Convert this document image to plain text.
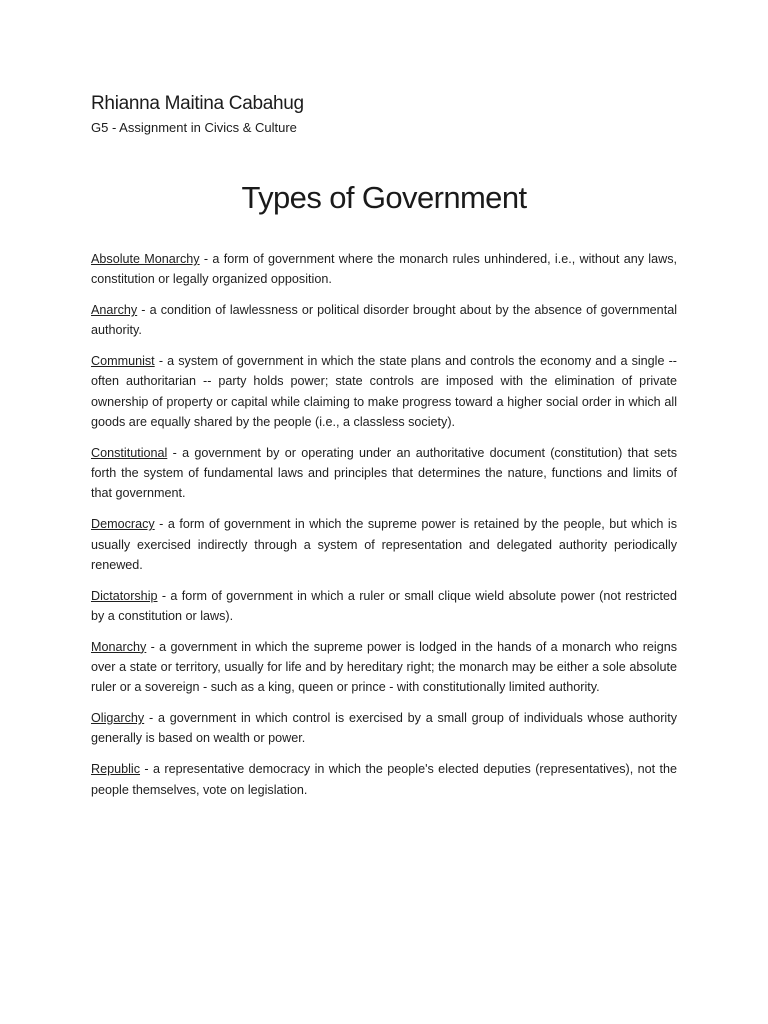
Rhianna Maitina Cabahug
G5 - Assignment in Civics & Culture
Types of Government

Absolute Monarchy - a form of government where the monarch rules unhindered, i.e., without any laws, constitution or legally organized opposition.

Anarchy - a condition of lawlessness or political disorder brought about by the absence of governmental authority.

Communist - a system of government in which the state plans and controls the economy and a single -- often authoritarian -- party holds power; state controls are imposed with the elimination of private ownership of property or capital while claiming to make progress toward a higher social order in which all goods are equally shared by the people (i.e., a classless society).

Constitutional - a government by or operating under an authoritative document (constitution) that sets forth the system of fundamental laws and principles that determines the nature, functions and limits of that government.

Democracy - a form of government in which the supreme power is retained by the people, but which is usually exercised indirectly through a system of representation and delegated authority periodically renewed.

Dictatorship - a form of government in which a ruler or small clique wield absolute power (not restricted by a constitution or laws).

Monarchy - a government in which the supreme power is lodged in the hands of a monarch who reigns over a state or territory, usually for life and by hereditary right; the monarch may be either a sole absolute ruler or a sovereign - such as a king, queen or prince - with constitutionally limited authority.

Oligarchy - a government in which control is exercised by a small group of individuals whose authority generally is based on wealth or power.

Republic - a representative democracy in which the people's elected deputies (representatives), not the people themselves, vote on legislation.
